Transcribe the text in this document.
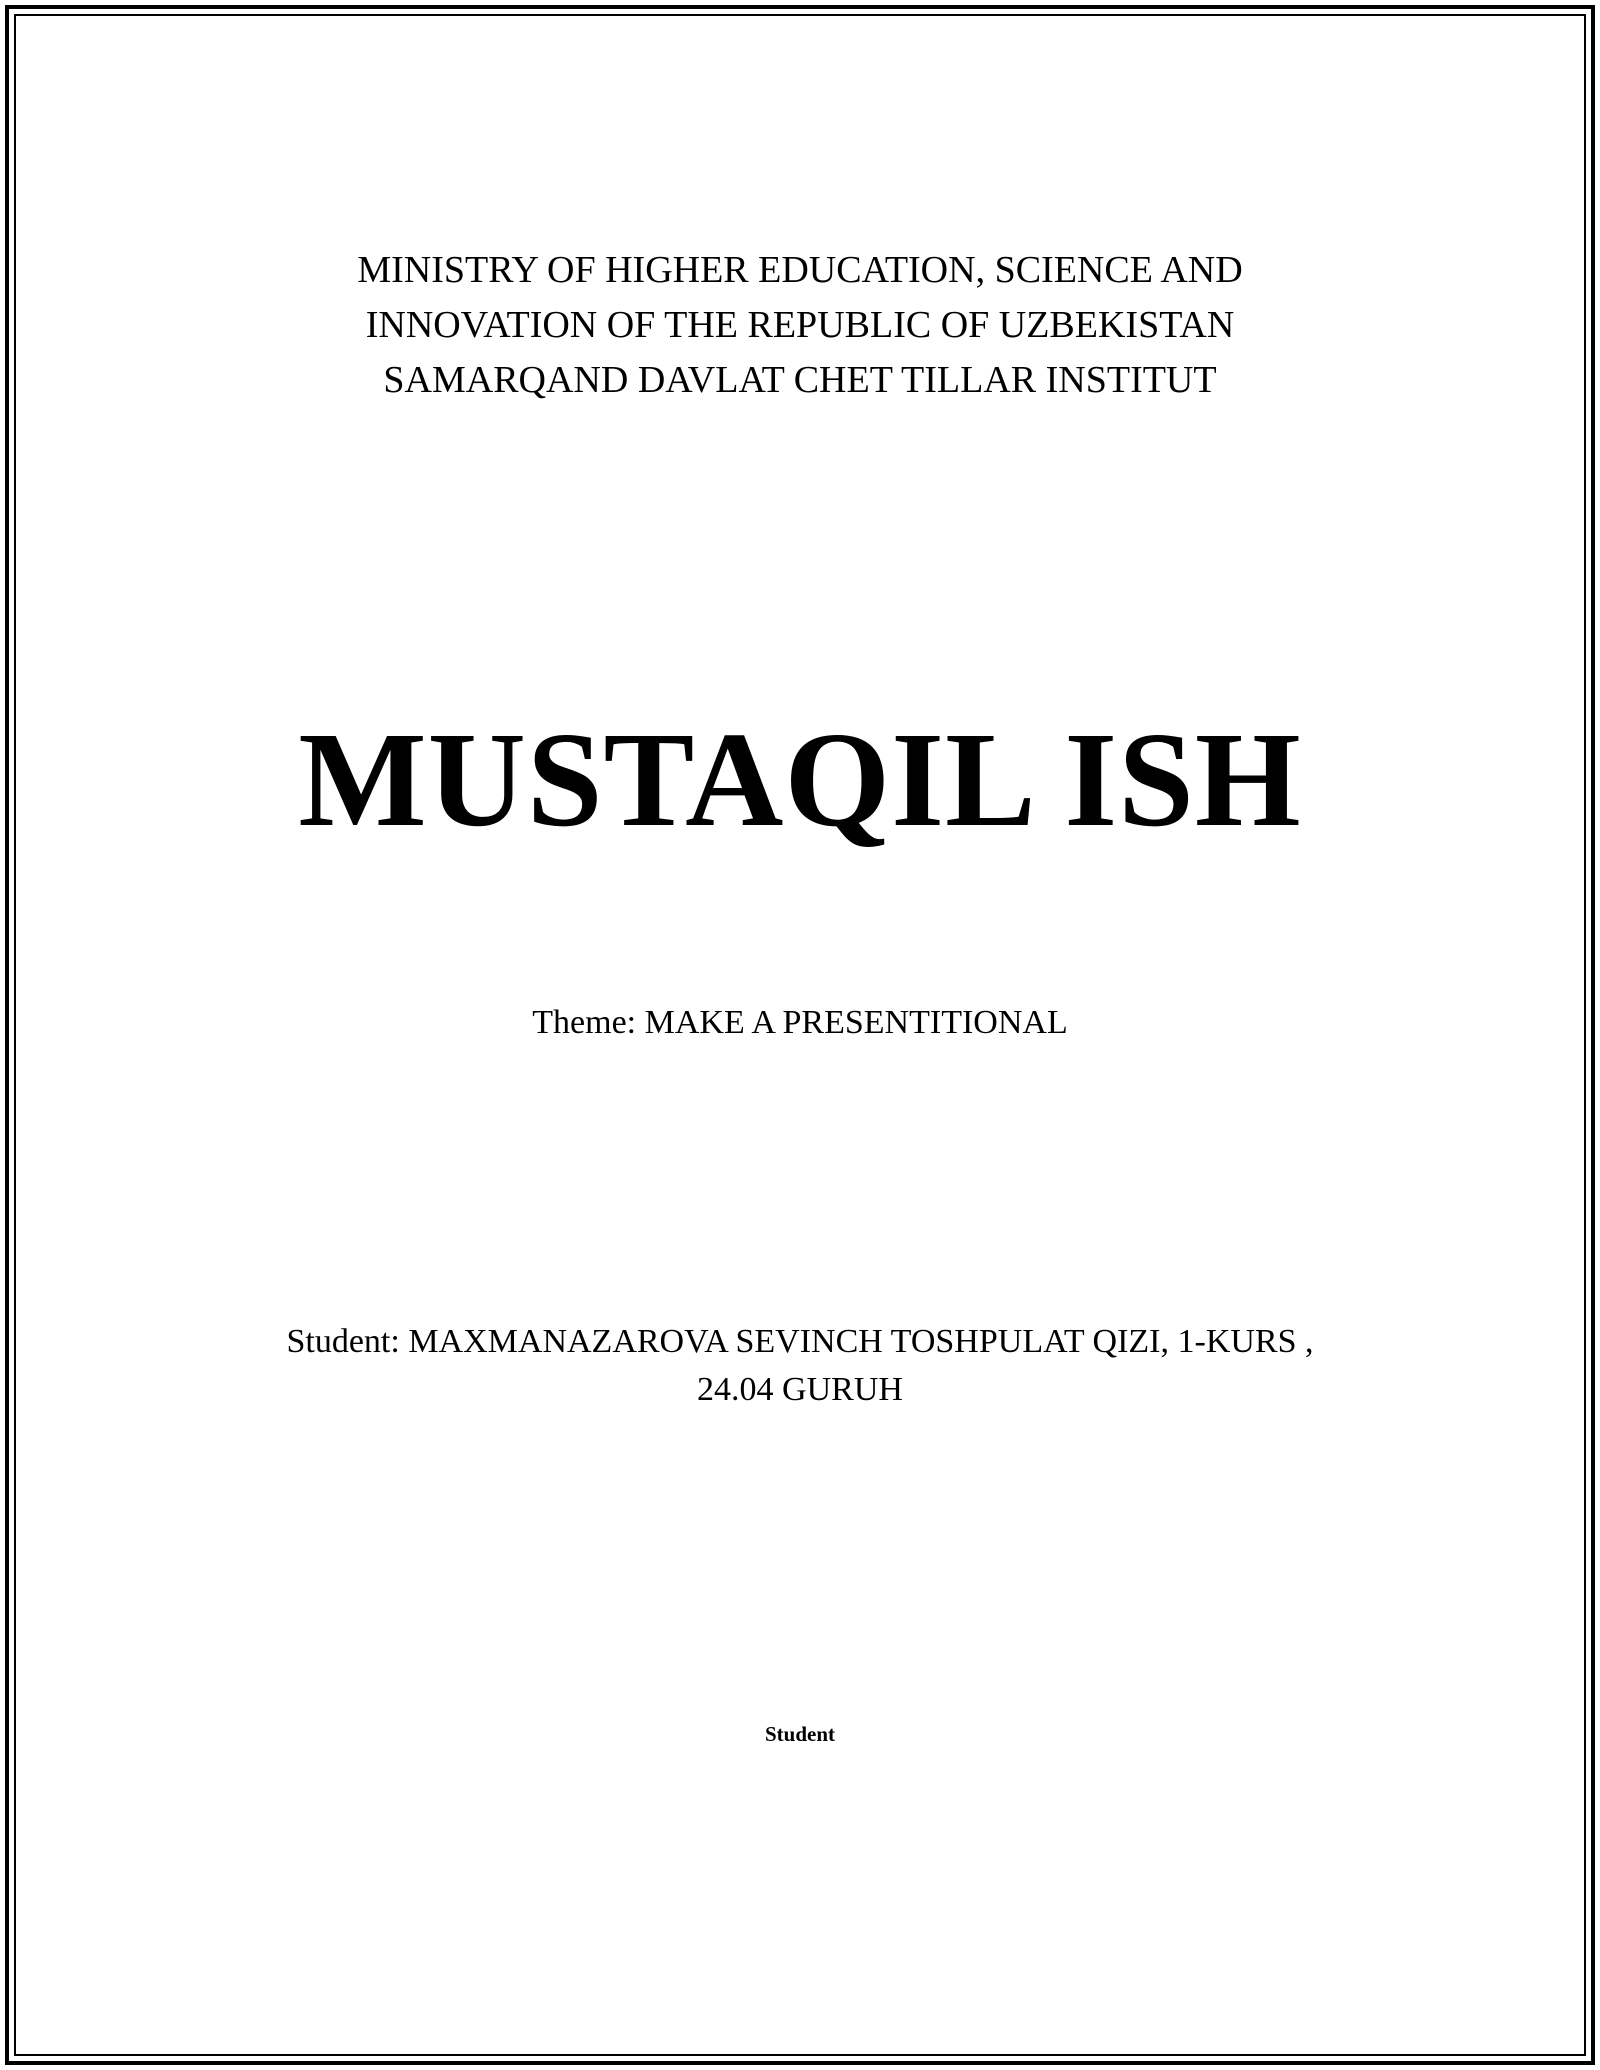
MINISTRY OF HIGHER EDUCATION, SCIENCE AND
INNOVATION OF THE REPUBLIC OF UZBEKISTAN
SAMARQAND DAVLAT CHET TILLAR INSTITUT
MUSTAQIL ISH
Theme: MAKE A PRESENTITIONAL
Student: MAXMANAZAROVA SEVINCH TOSHPULAT QIZI, 1-KURS ,
24.04 GURUH
Student
